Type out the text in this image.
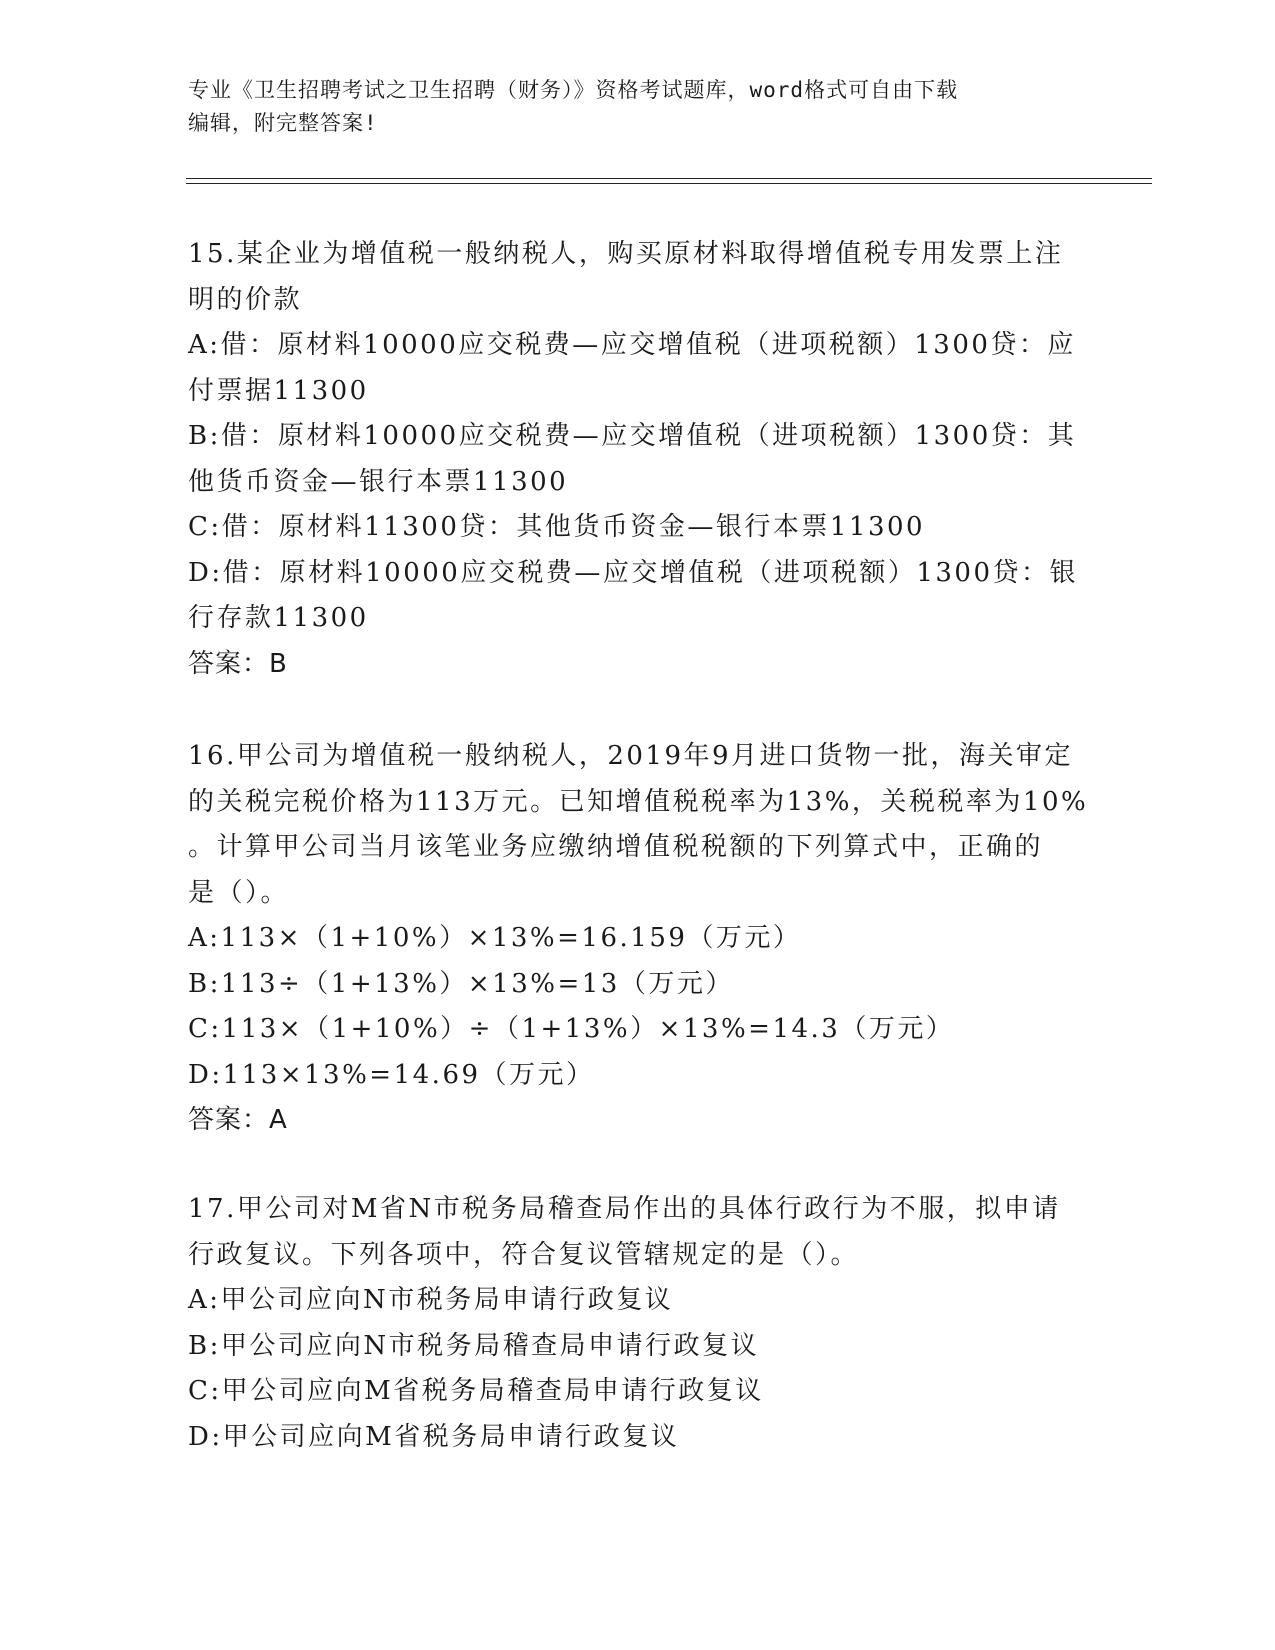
专业《卫生招聘考试之卫生招聘（财务）》资格考试题库，word格式可自由下载
编辑，附完整答案!
15.某企业为增值税一般纳税人，购买原材料取得增值税专用发票上注
明的价款
A:借：原材料10000应交税费—应交增值税（进项税额）1300贷：应
付票据11300
B:借：原材料10000应交税费—应交增值税（进项税额）1300贷：其
他货币资金—银行本票11300
C:借：原材料11300贷：其他货币资金—银行本票11300
D:借：原材料10000应交税费—应交增值税（进项税额）1300贷：银
行存款11300
答案：B
16.甲公司为增值税一般纳税人，2019年9月进口货物一批，海关审定
的关税完税价格为113万元。已知增值税税率为13%，关税税率为10%
。计算甲公司当月该笔业务应缴纳增值税税额的下列算式中，正确的
是（）。
A:113×（1+10%）×13%=16.159（万元）
B:113÷（1+13%）×13%=13（万元）
C:113×（1+10%）÷（1+13%）×13%=14.3（万元）
D:113×13%=14.69（万元）
答案：A
17.甲公司对M省N市税务局稽查局作出的具体行政行为不服，拟申请
行政复议。下列各项中，符合复议管辖规定的是（）。
A:甲公司应向N市税务局申请行政复议
B:甲公司应向N市税务局稽查局申请行政复议
C:甲公司应向M省税务局稽查局申请行政复议
D:甲公司应向M省税务局申请行政复议
